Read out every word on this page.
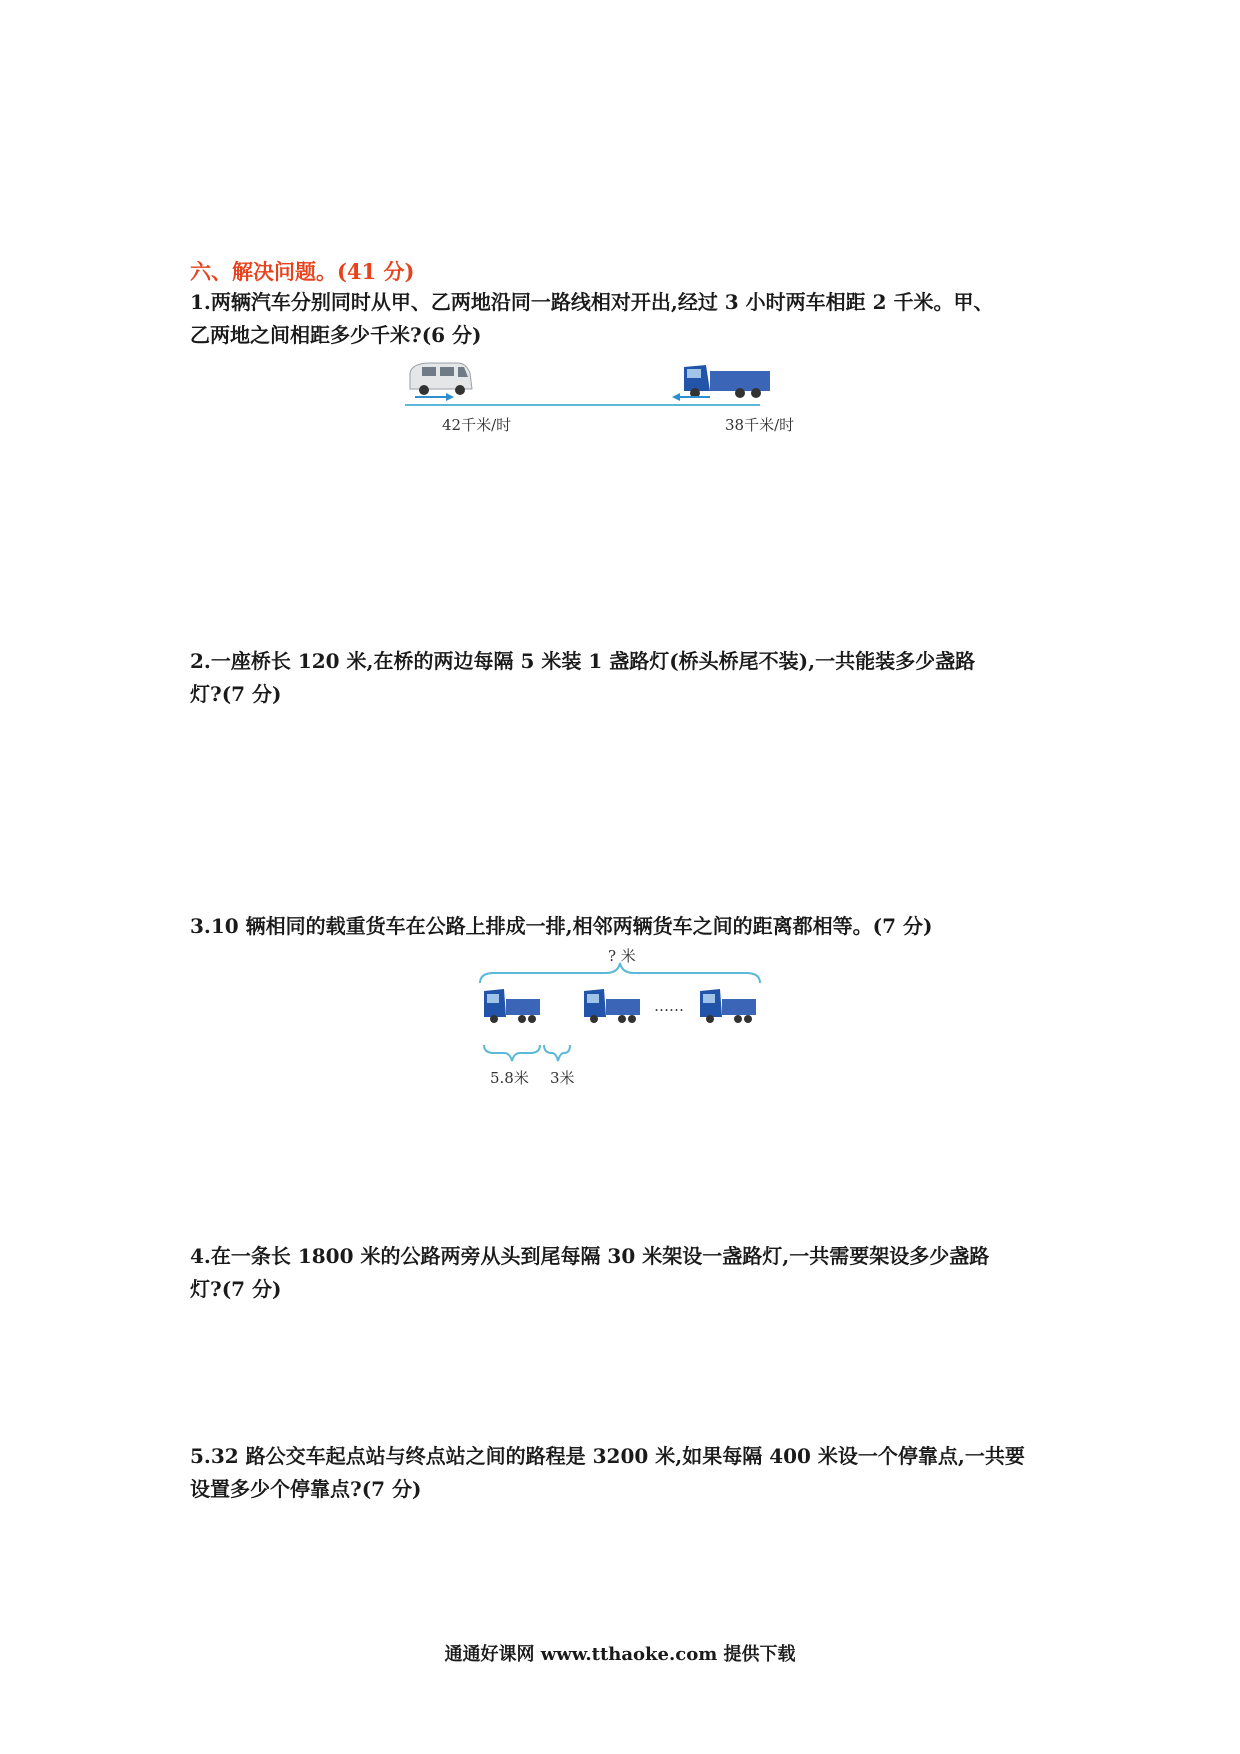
六、解决问题。(41 分)
1.两辆汽车分别同时从甲、乙两地沿同一路线相对开出,经过 3 小时两车相距 2 千米。甲、
乙两地之间相距多少千米?(6 分)
42千米/时	38千米/时
2.一座桥长 120 米,在桥的两边每隔 5 米装 1 盏路灯(桥头桥尾不装),一共能装多少盏路
灯?(7 分)
3.10 辆相同的载重货车在公路上排成一排,相邻两辆货车之间的距离都相等。(7 分)
? 米
……
5.8米 3米
4.在一条长 1800 米的公路两旁从头到尾每隔 30 米架设一盏路灯,一共需要架设多少盏路
灯?(7 分)
5.32 路公交车起点站与终点站之间的路程是 3200 米,如果每隔 400 米设一个停靠点,一共要
设置多少个停靠点?(7 分)
通通好课网 www.tthaoke.com 提供下载
